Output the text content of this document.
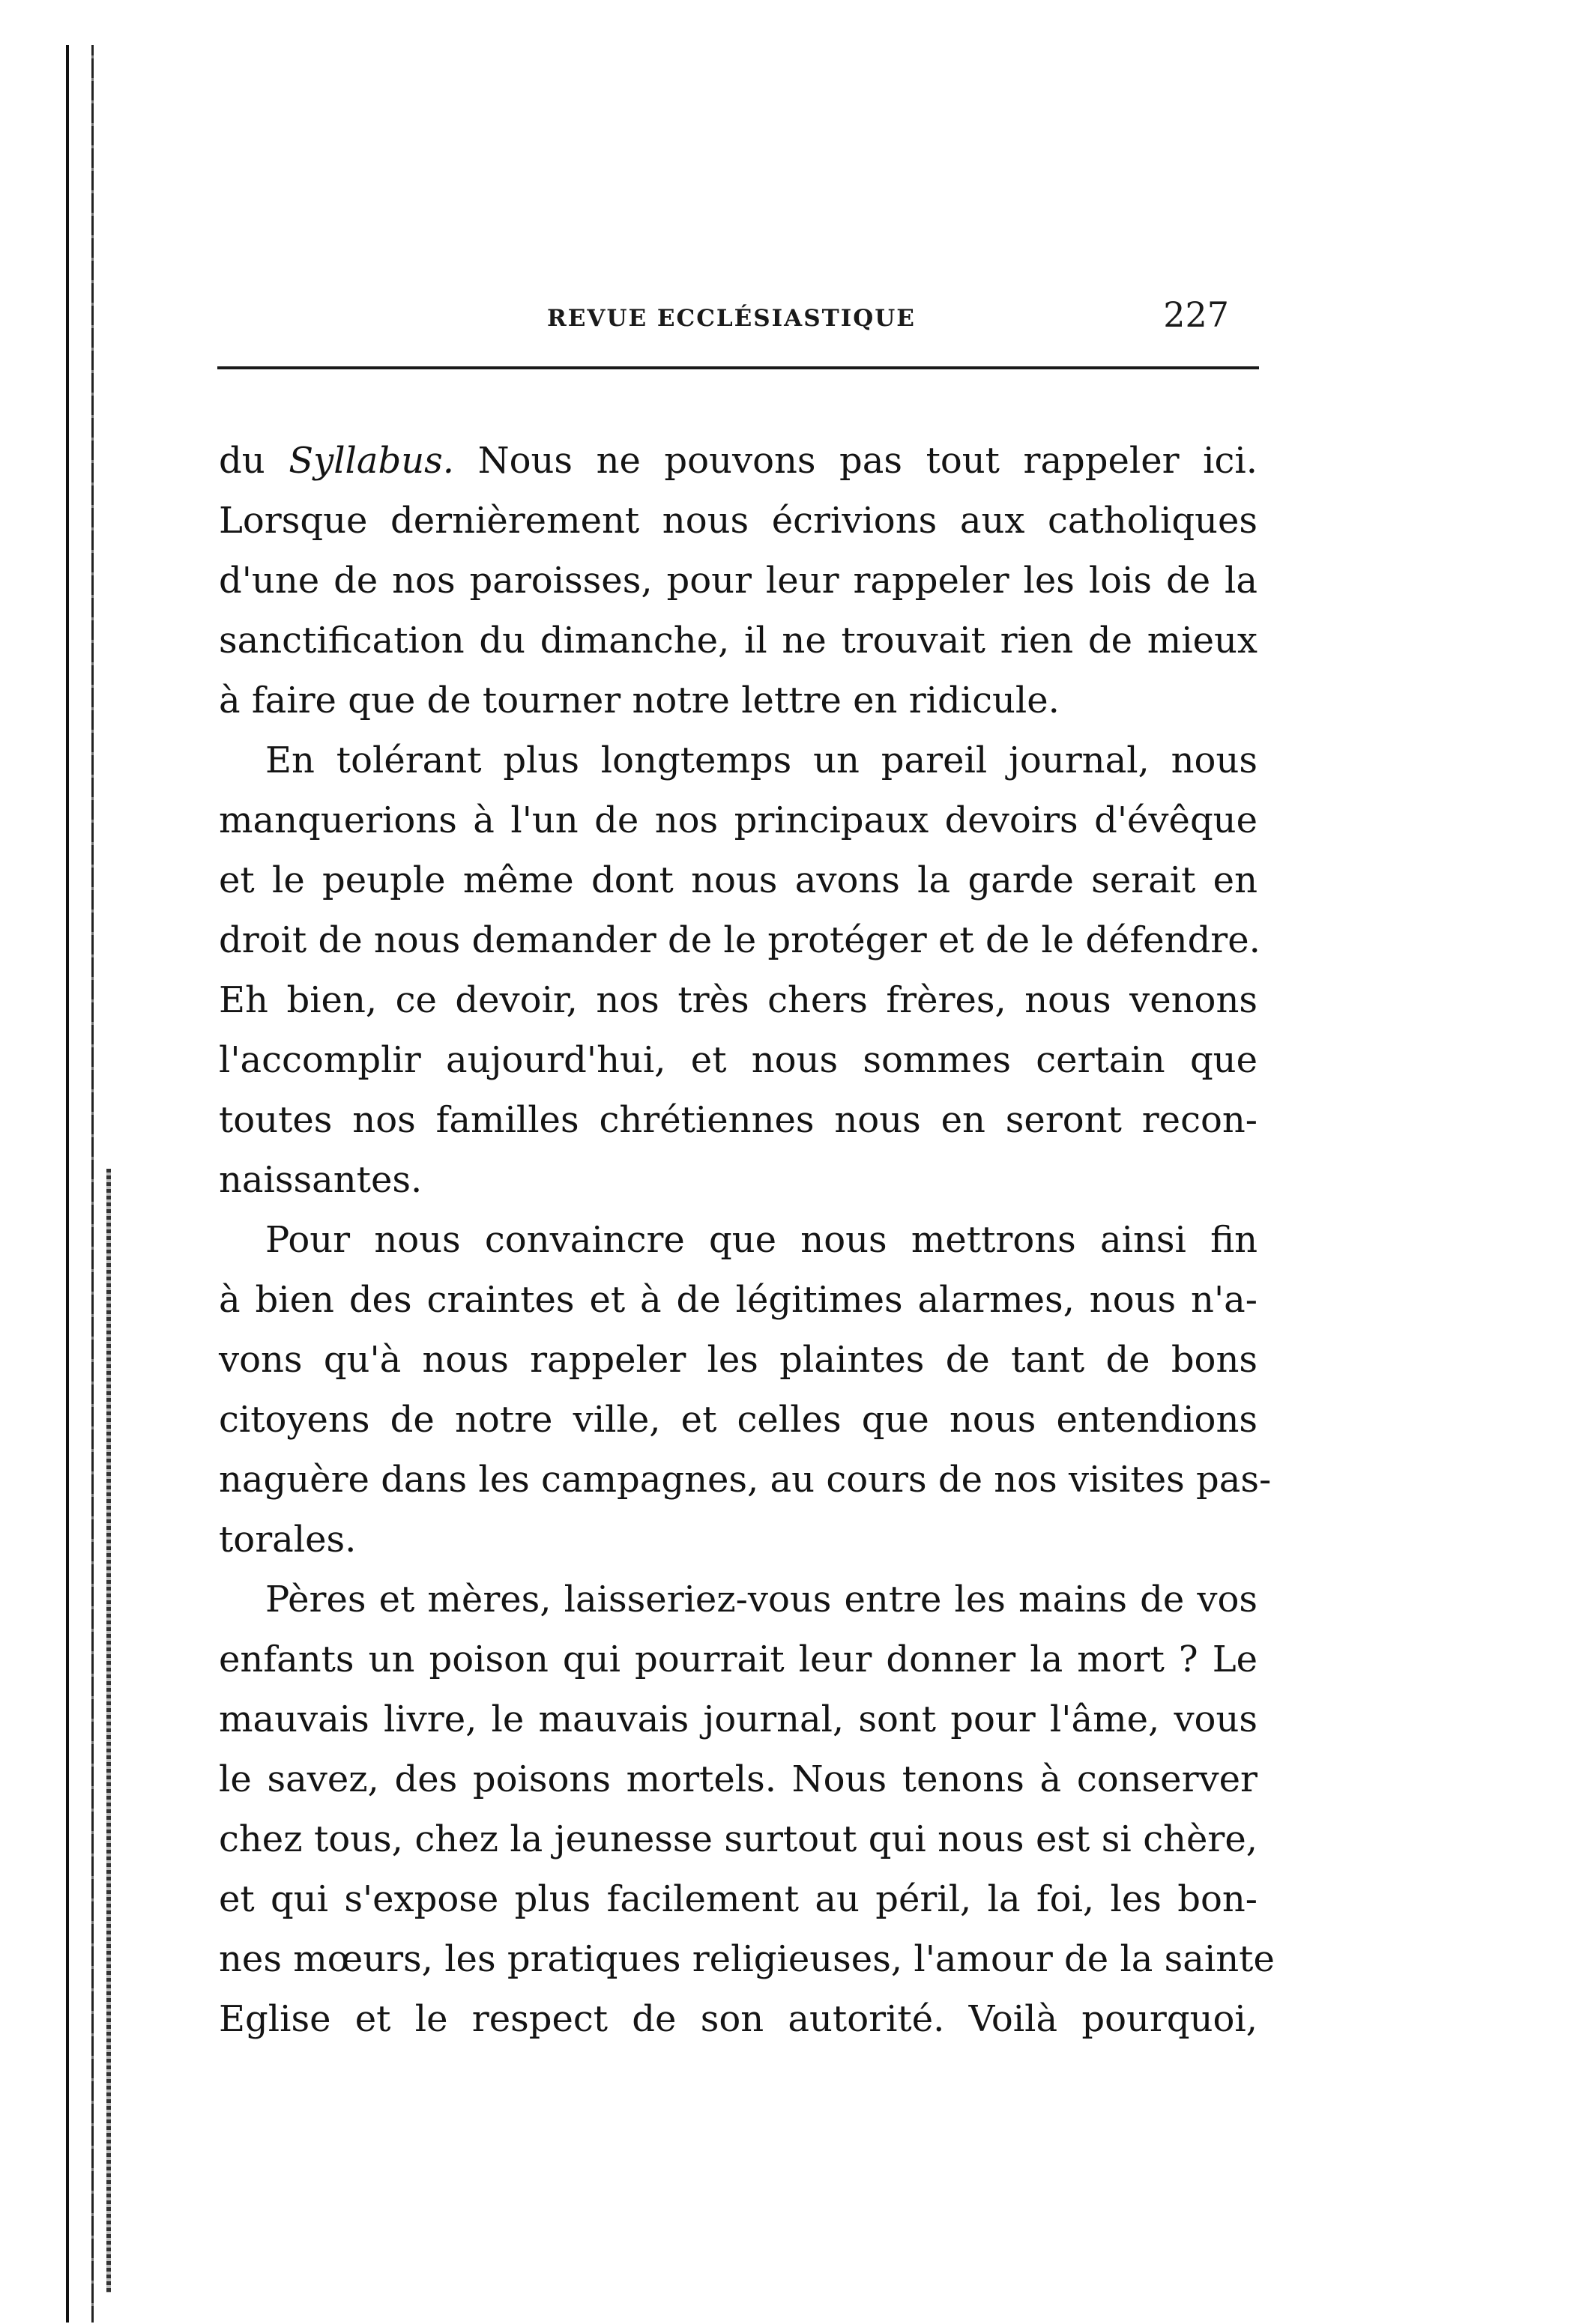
REVUE ECCLÉSIASTIQUE	227
du Syllabus. Nous ne pouvons pas tout rappeler ici.
Lorsque dernièrement nous écrivions aux catholiques
d'une de nos paroisses, pour leur rappeler les lois de la
sanctification du dimanche, il ne trouvait rien de mieux
à faire que de tourner notre lettre en ridicule.
En tolérant plus longtemps un pareil journal, nous
manquerions à l'un de nos principaux devoirs d'évêque
et le peuple même dont nous avons la garde serait en
droit de nous demander de le protéger et de le défendre.
Eh bien, ce devoir, nos très chers frères, nous venons
l'accomplir aujourd'hui, et nous sommes certain que
toutes nos familles chrétiennes nous en seront recon-
naissantes.
Pour nous convaincre que nous mettrons ainsi fin
à bien des craintes et à de légitimes alarmes, nous n'a-
vons qu'à nous rappeler les plaintes de tant de bons
citoyens de notre ville, et celles que nous entendions
naguère dans les campagnes, au cours de nos visites pas-
torales.
Pères et mères, laisseriez-vous entre les mains de vos
enfants un poison qui pourrait leur donner la mort ? Le
mauvais livre, le mauvais journal, sont pour l'âme, vous
le savez, des poisons mortels. Nous tenons à conserver
chez tous, chez la jeunesse surtout qui nous est si chère,
et qui s'expose plus facilement au péril, la foi, les bon-
nes mœurs, les pratiques religieuses, l'amour de la sainte
Eglise et le respect de son autorité. Voilà pourquoi,
